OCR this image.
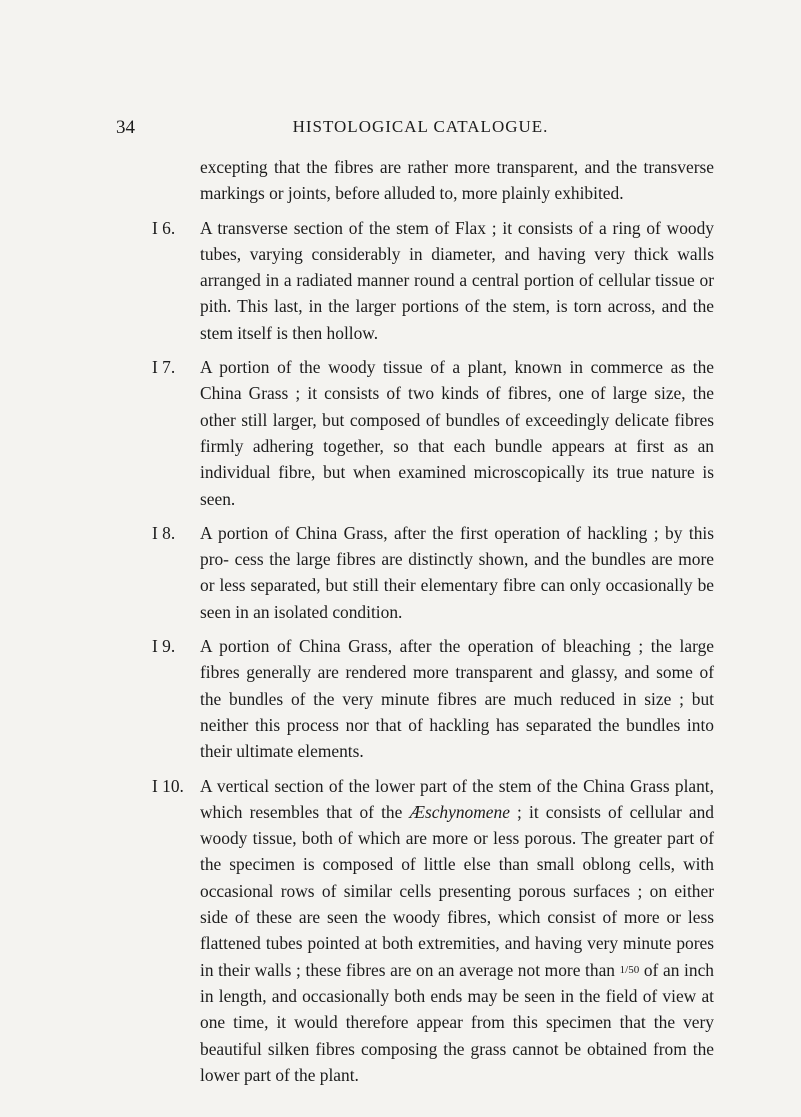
34	HISTOLOGICAL CATALOGUE.

excepting that the fibres are rather more transparent, and the transverse markings or joints, before alluded to, more plainly exhibited.

I 6. A transverse section of the stem of Flax ; it consists of a ring of woody tubes, varying considerably in diameter, and having very thick walls arranged in a radiated manner round a central portion of cellular tissue or pith. This last, in the larger portions of the stem, is torn across, and the stem itself is then hollow.
I 7. A portion of the woody tissue of a plant, known in commerce as the China Grass ; it consists of two kinds of fibres, one of large size, the other still larger, but composed of bundles of exceedingly delicate fibres firmly adhering together, so that each bundle appears at first as an individual fibre, but when examined microscopically its true nature is seen.
I 8. A portion of China Grass, after the first operation of hackling ; by this pro- cess the large fibres are distinctly shown, and the bundles are more or less separated, but still their elementary fibre can only occasionally be seen in an isolated condition.
I 9. A portion of China Grass, after the operation of bleaching ; the large fibres generally are rendered more transparent and glassy, and some of the bundles of the very minute fibres are much reduced in size ; but neither this process nor that of hackling has separated the bundles into their ultimate elements.
I 10. A vertical section of the lower part of the stem of the China Grass plant, which resembles that of the Æschynomene ; it consists of cellular and woody tissue, both of which are more or less porous. The greater part of the specimen is composed of little else than small oblong cells, with occasional rows of similar cells presenting porous surfaces ; on either side of these are seen the woody fibres, which consist of more or less flattened tubes pointed at both extremities, and having very minute pores in their walls ; these fibres are on an average not more than 1/50 of an inch in length, and occasionally both ends may be seen in the field of view at one time, it would therefore appear from this specimen that the very beautiful silken fibres composing the grass cannot be obtained from the lower part of the plant.
